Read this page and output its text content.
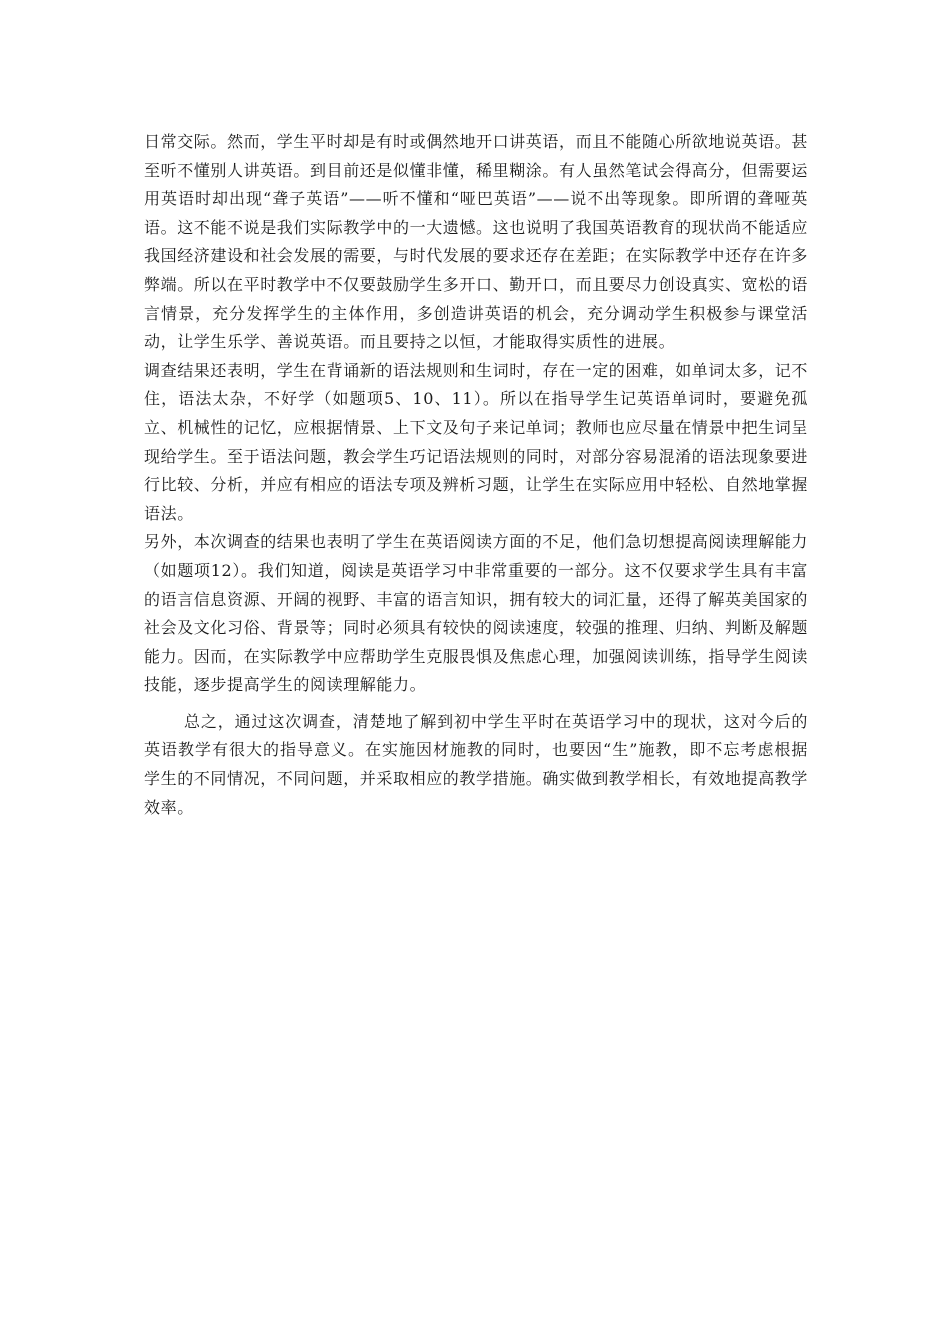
日常交际。然而，学生平时却是有时或偶然地开口讲英语，而且不能随心所欲地说英语。甚至听不懂别人讲英语。到目前还是似懂非懂，稀里糊涂。有人虽然笔试会得高分，但需要运用英语时却出现“聋子英语”——听不懂和“哑巴英语”——说不出等现象。即所谓的聋哑英语。这不能不说是我们实际教学中的一大遗憾。这也说明了我国英语教育的现状尚不能适应我国经济建设和社会发展的需要，与时代发展的要求还存在差距；在实际教学中还存在许多弊端。所以在平时教学中不仅要鼓励学生多开口、勤开口，而且要尽力创设真实、宽松的语言情景，充分发挥学生的主体作用，多创造讲英语的机会，充分调动学生积极参与课堂活动，让学生乐学、善说英语。而且要持之以恒，才能取得实质性的进展。

调查结果还表明，学生在背诵新的语法规则和生词时，存在一定的困难，如单词太多，记不住，语法太杂，不好学（如题项5、10、11）。所以在指导学生记英语单词时，要避免孤立、机械性的记忆，应根据情景、上下文及句子来记单词；教师也应尽量在情景中把生词呈现给学生。至于语法问题，教会学生巧记语法规则的同时，对部分容易混淆的语法现象要进行比较、分析，并应有相应的语法专项及辨析习题，让学生在实际应用中轻松、自然地掌握语法。

另外，本次调查的结果也表明了学生在英语阅读方面的不足，他们急切想提高阅读理解能力（如题项12）。我们知道，阅读是英语学习中非常重要的一部分。这不仅要求学生具有丰富的语言信息资源、开阔的视野、丰富的语言知识，拥有较大的词汇量，还得了解英美国家的社会及文化习俗、背景等；同时必须具有较快的阅读速度，较强的推理、归纳、判断及解题能力。因而，在实际教学中应帮助学生克服畏惧及焦虑心理，加强阅读训练，指导学生阅读技能，逐步提高学生的阅读理解能力。

总之，通过这次调查，清楚地了解到初中学生平时在英语学习中的现状，这对今后的英语教学有很大的指导意义。在实施因材施教的同时，也要因“生”施教，即不忘考虑根据学生的不同情况，不同问题，并采取相应的教学措施。确实做到教学相长，有效地提高教学效率。
